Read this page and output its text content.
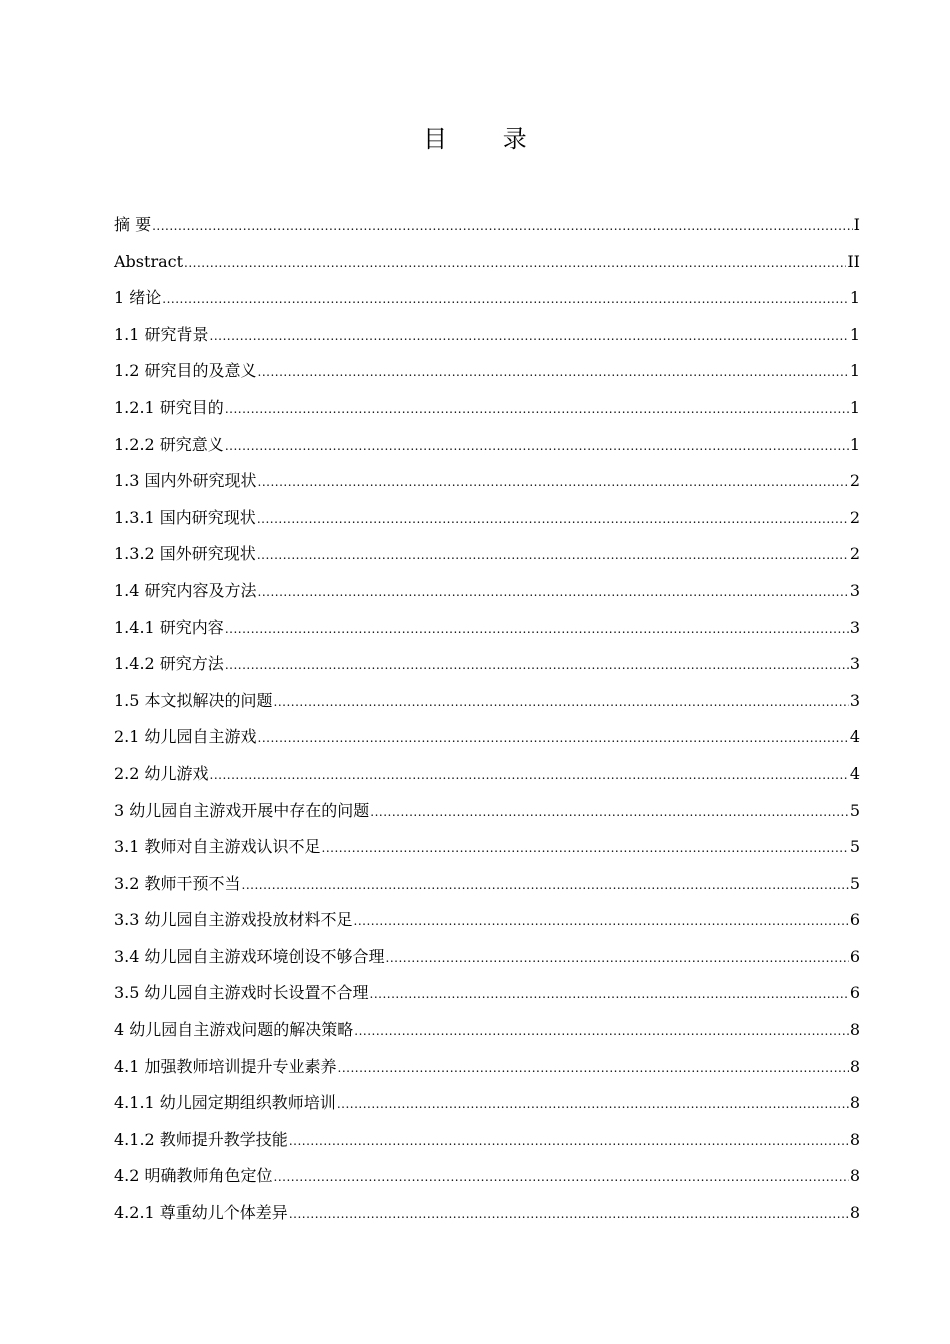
目 录
摘 要 .....	I
Abstract .....	II
1 绪论 .....	1
1.1 研究背景 .....	1
1.2 研究目的及意义 .....	1
1.2.1 研究目的 .....	1
1.2.2 研究意义 .....	1
1.3 国内外研究现状 .....	2
1.3.1 国内研究现状 .....	2
1.3.2 国外研究现状 .....	2
1.4 研究内容及方法 .....	3
1.4.1 研究内容 .....	3
1.4.2 研究方法 .....	3
1.5 本文拟解决的问题 .....	3
2.1 幼儿园自主游戏 .....	4
2.2 幼儿游戏 .....	4
3 幼儿园自主游戏开展中存在的问题 .....	5
3.1 教师对自主游戏认识不足 .....	5
3.2 教师干预不当 .....	5
3.3 幼儿园自主游戏投放材料不足 .....	6
3.4 幼儿园自主游戏环境创设不够合理 .....	6
3.5 幼儿园自主游戏时长设置不合理 .....	6
4 幼儿园自主游戏问题的解决策略 .....	8
4.1 加强教师培训提升专业素养 .....	8
4.1.1 幼儿园定期组织教师培训 .....	8
4.1.2 教师提升教学技能 .....	8
4.2 明确教师角色定位 .....	8
4.2.1 尊重幼儿个体差异 .....	8
